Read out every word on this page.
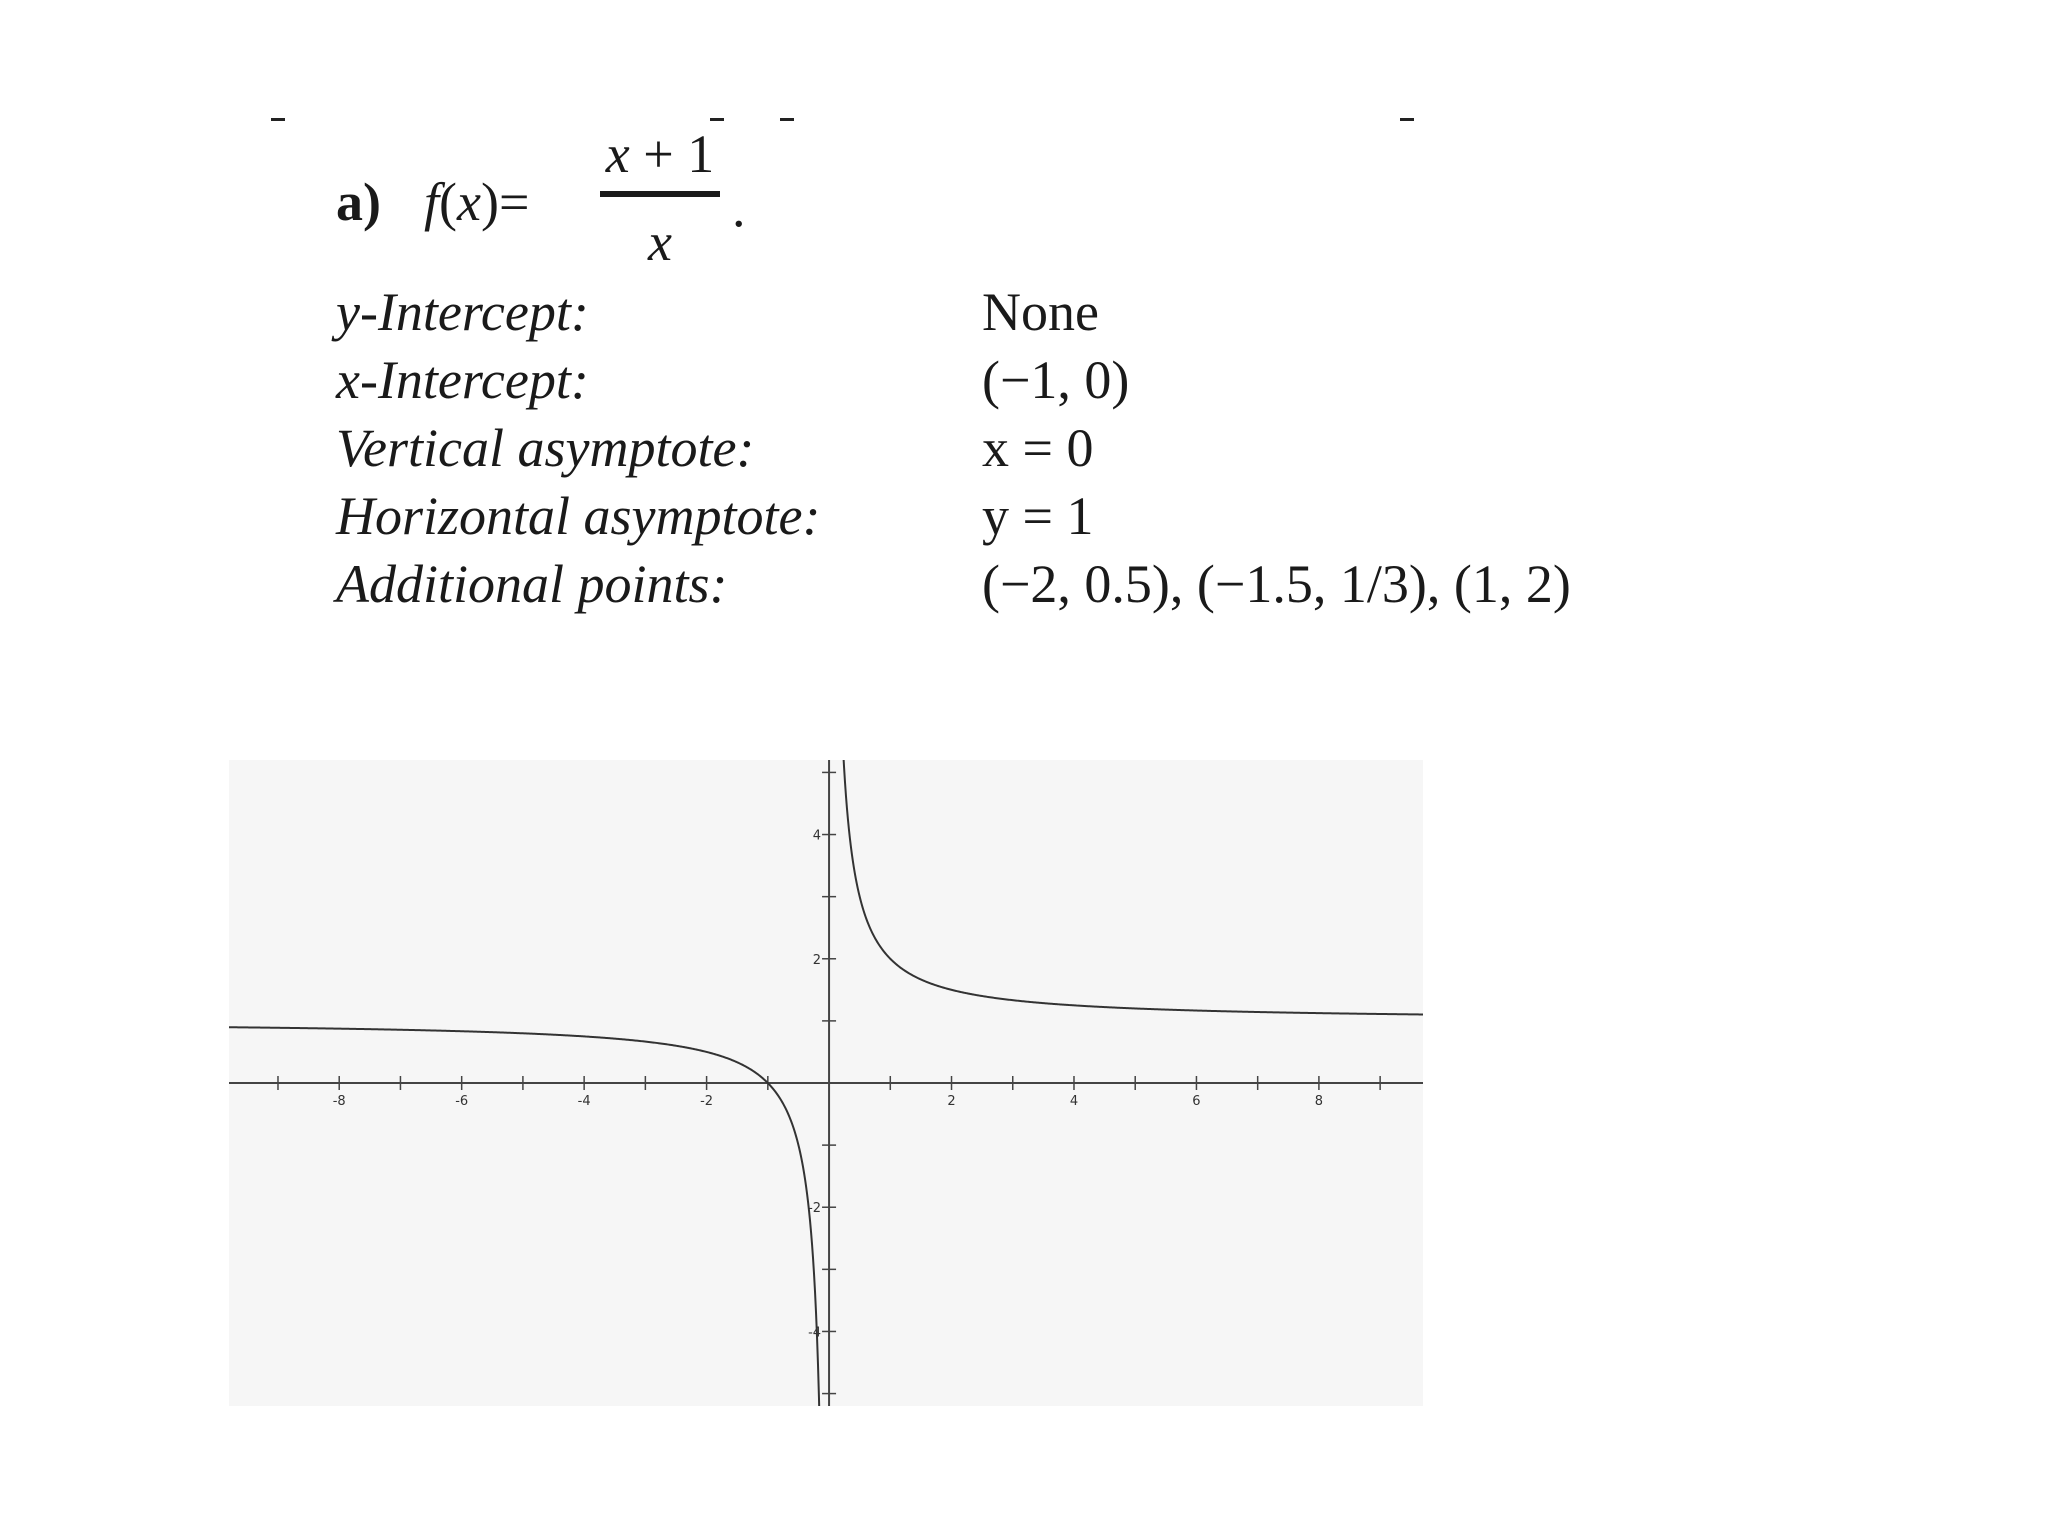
a) f(x)=
x + 1
x
.
y-Intercept:	None
x-Intercept:	(−1, 0)
Vertical asymptote:	x = 0
Horizontal asymptote:	y = 1
Additional points:	(−2, 0.5), (−1.5, 1/3), (1, 2)
-8	-6	-4	-2	2	4	6	8
4
2
-2
-4
